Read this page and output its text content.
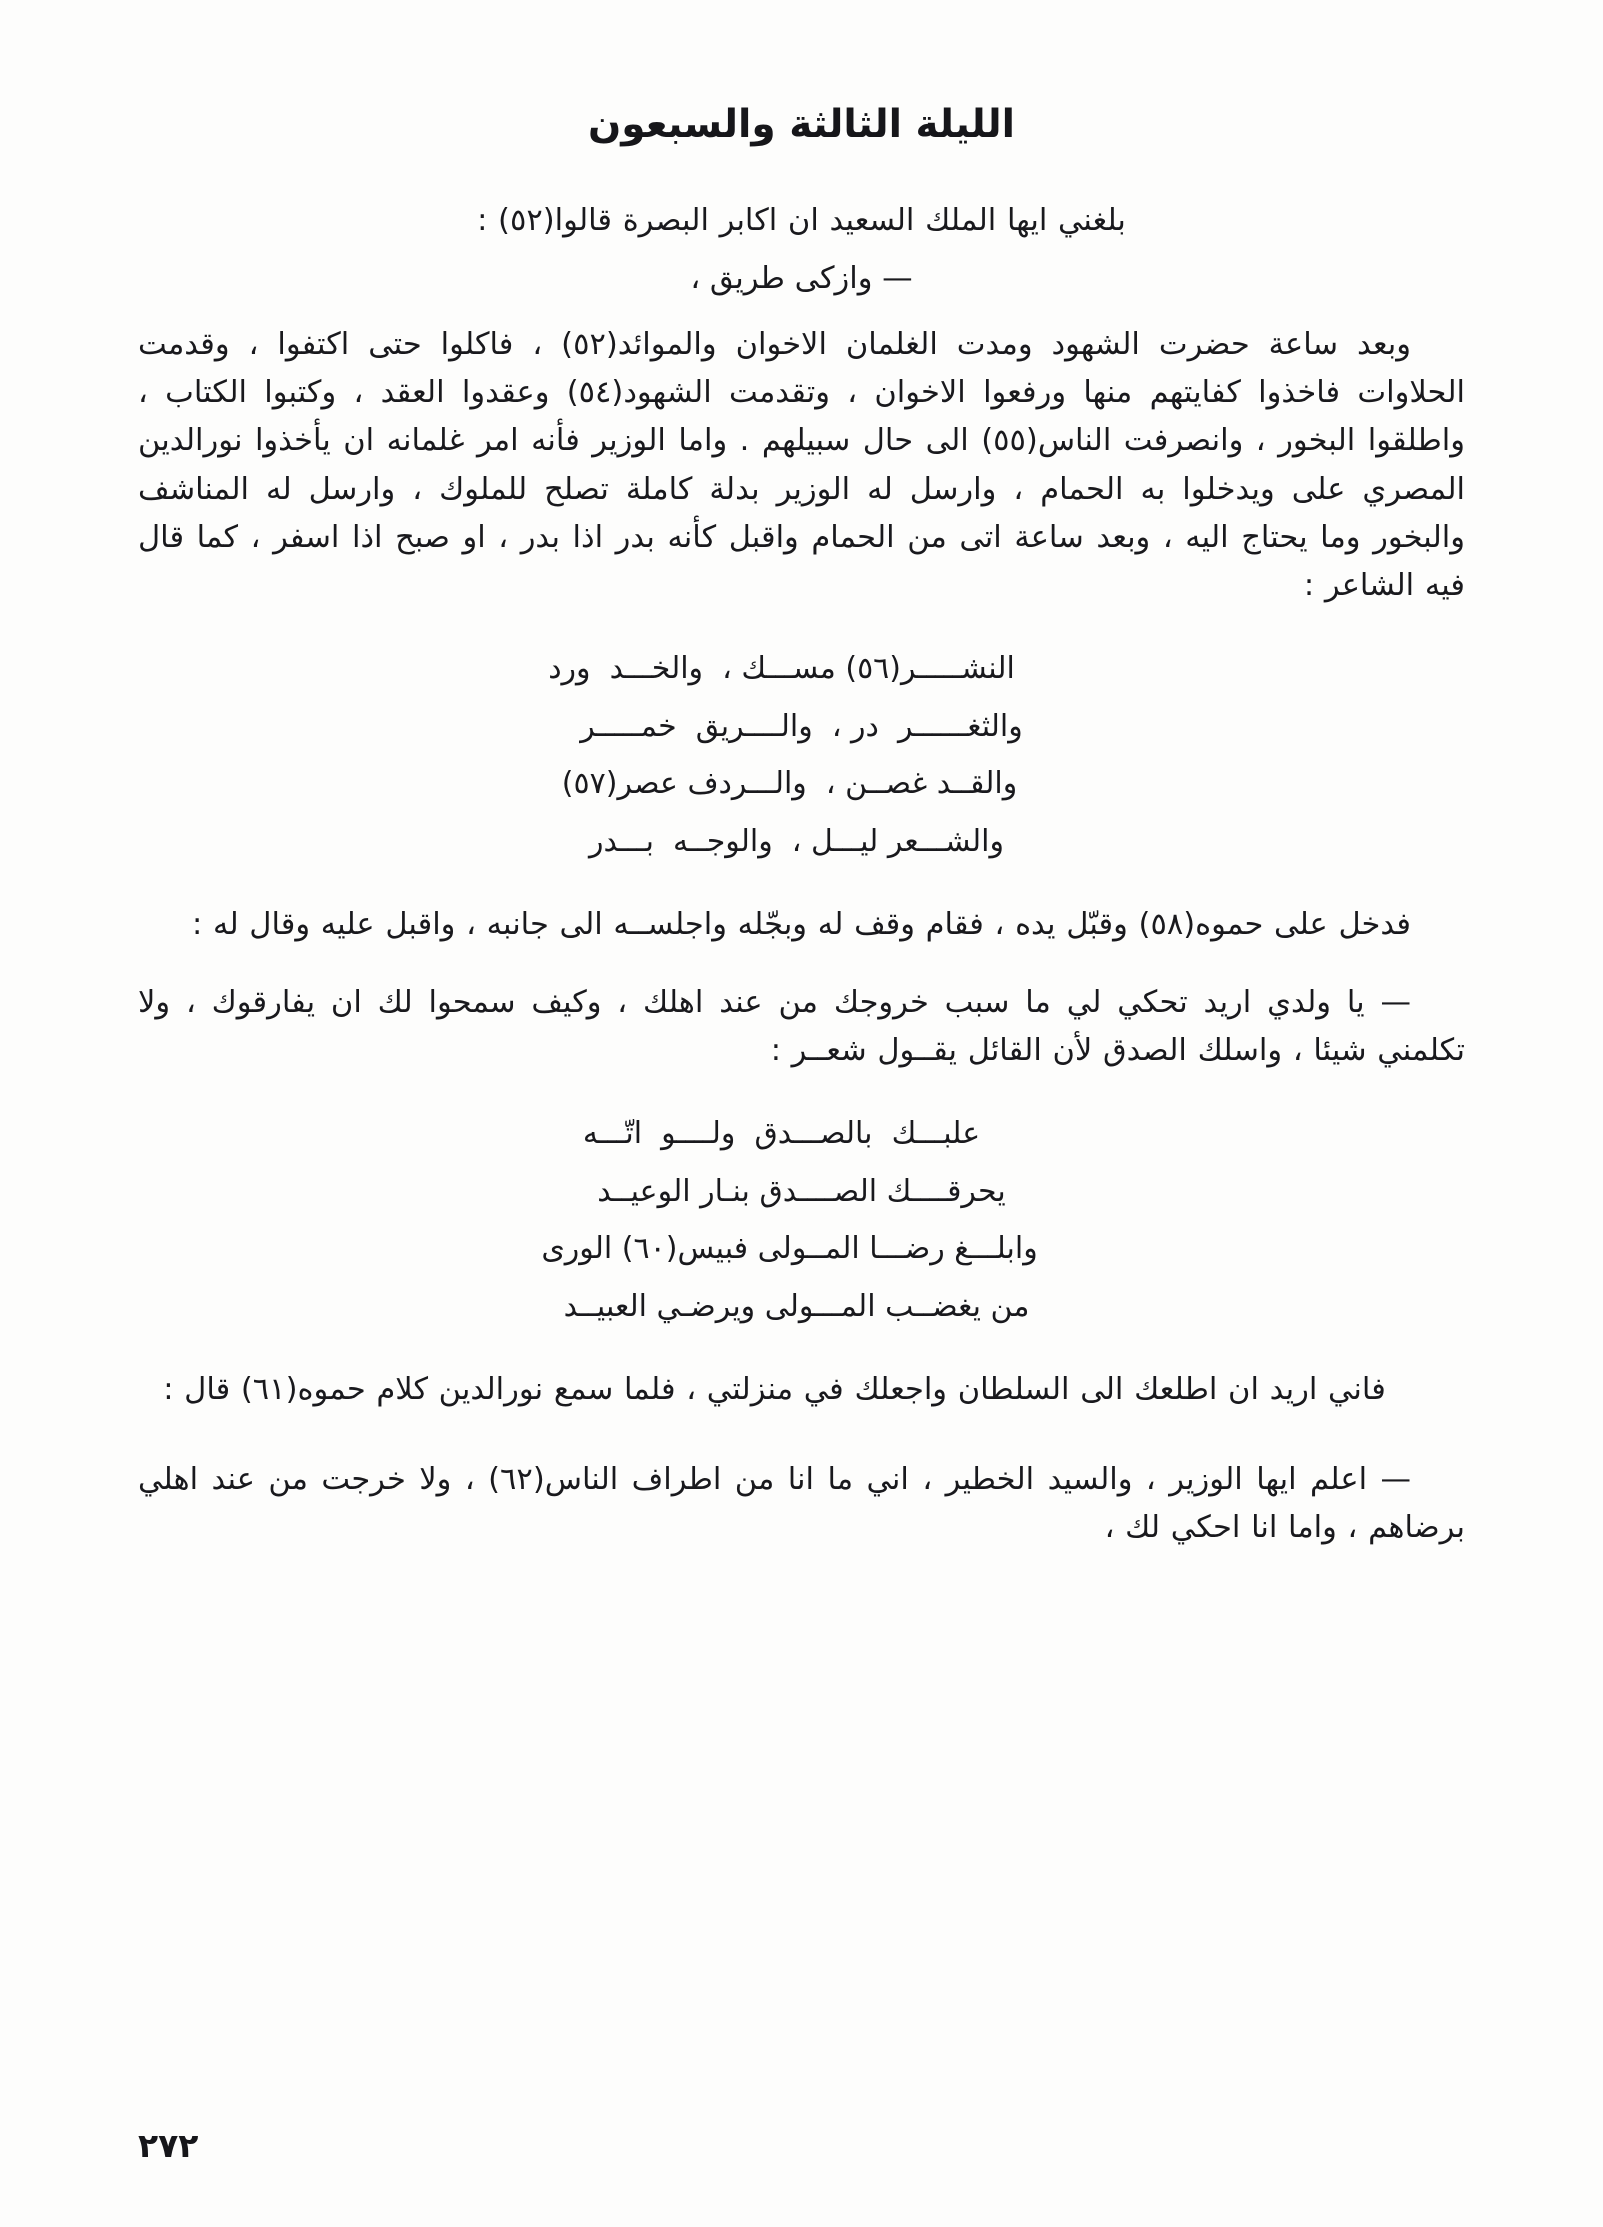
الليلة الثالثة والسبعون

بلغني ايها الملك السعيد ان اكابر البصرة قالوا(٥٢) :

— وازكى طريق ،

وبعد ساعة حضرت الشهود ومدت الغلمان الاخوان والموائد(٥٢) ، فاكلوا حتى اكتفوا ، وقدمت الحلاوات فاخذوا كفايتهم منها ورفعوا الاخوان ، وتقدمت الشهود(٥٤) وعقدوا العقد ، وكتبوا الكتاب ، واطلقوا البخور ، وانصرفت الناس(٥٥) الى حال سبيلهم . واما الوزير فأنه امر غلمانه ان يأخذوا نورالدين المصري على ويدخلوا به الحمام ، وارسل له الوزير بدلة كاملة تصلح للملوك ، وارسل له المناشف والبخور وما يحتاج اليه ، وبعد ساعة اتى من الحمام واقبل كأنه بدر اذا بدر ، او صبح اذا اسفر ، كما قال فيه الشاعر :

النشـــــر(٥٦) مســـك ،  والخـــد  ورد
والثغــــــر  در ،  والــــريق  خمـــــر
والقــد غصــن ،  والـــردف عصر(٥٧)
والشـــعر ليـــل ،  والوجــه  بـــدر

فدخل على حموه(٥٨) وقبّل يده ، فقام وقف له وبجّله واجلســه الى جانبه ، واقبل عليه وقال له :

— يا ولدي اريد تحكي لي ما سبب خروجك من عند اهلك ، وكيف سمحوا لك ان يفارقوك ، ولا تكلمني شيئا ، واسلك الصدق لأن القائل يقــول شعــر :

علبـــك  بالصـــدق  ولــــو  اتّـــه
يحرقــــك الصــــدق بنـار الوعيــد
وابلـــغ رضـــا المــولى فبيس(٦٠) الورى
من يغضــب المـــولى ويرضـي العبيــد

فاني اريد ان اطلعك الى السلطان واجعلك في منزلتي ، فلما سمع نورالدين كلام حموه(٦١) قال :

— اعلم ايها الوزير ، والسيد الخطير ، اني ما انا من اطراف الناس(٦٢) ، ولا خرجت من عند اهلي برضاهم ، واما انا احكي لك ،

٢٧٢
